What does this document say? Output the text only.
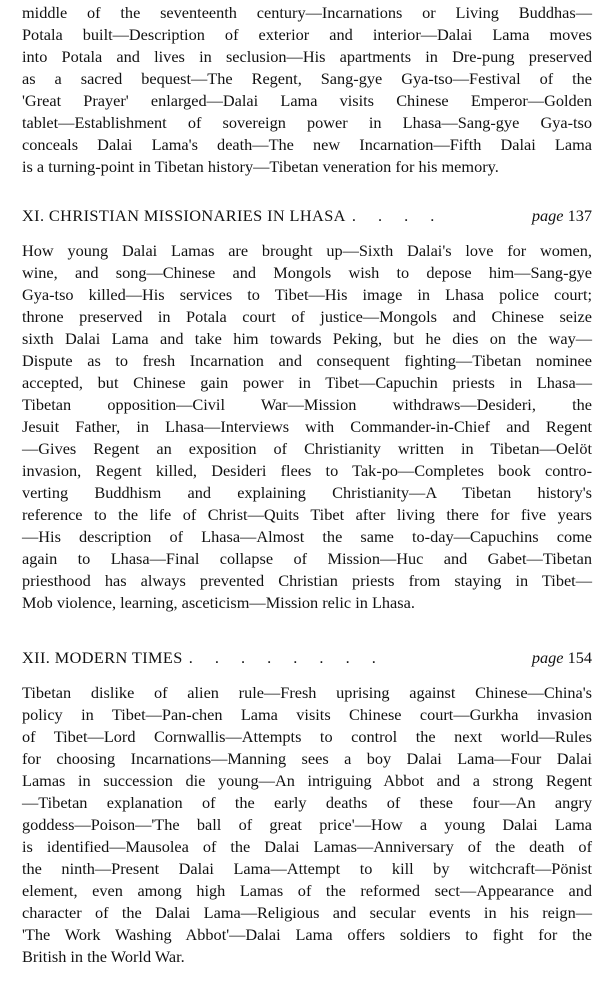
middle of the seventeenth century—Incarnations or Living Buddhas—
Potala built—Description of exterior and interior—Dalai Lama moves
into Potala and lives in seclusion—His apartments in Dre-pung preserved
as a sacred bequest—The Regent, Sang-gye Gya-tso—Festival of the
'Great Prayer' enlarged—Dalai Lama visits Chinese Emperor—Golden
tablet—Establishment of sovereign power in Lhasa—Sang-gye Gya-tso
conceals Dalai Lama's death—The new Incarnation—Fifth Dalai Lama
is a turning-point in Tibetan history—Tibetan veneration for his memory.
XI. CHRISTIAN MISSIONARIES IN LHASA . . . .	page 137
How young Dalai Lamas are brought up—Sixth Dalai's love for women,
wine, and song—Chinese and Mongols wish to depose him—Sang-gye
Gya-tso killed—His services to Tibet—His image in Lhasa police court;
throne preserved in Potala court of justice—Mongols and Chinese seize
sixth Dalai Lama and take him towards Peking, but he dies on the way—
Dispute as to fresh Incarnation and consequent fighting—Tibetan nominee
accepted, but Chinese gain power in Tibet—Capuchin priests in Lhasa—
Tibetan opposition—Civil War—Mission withdraws—Desideri, the
Jesuit Father, in Lhasa—Interviews with Commander-in-Chief and Regent
—Gives Regent an exposition of Christianity written in Tibetan—Oelöt
invasion, Regent killed, Desideri flees to Tak-po—Completes book contro-
verting Buddhism and explaining Christianity—A Tibetan history's
reference to the life of Christ—Quits Tibet after living there for five years
—His description of Lhasa—Almost the same to-day—Capuchins come
again to Lhasa—Final collapse of Mission—Huc and Gabet—Tibetan
priesthood has always prevented Christian priests from staying in Tibet—
Mob violence, learning, asceticism—Mission relic in Lhasa.
XII. MODERN TIMES . . . . . . . .	page 154
Tibetan dislike of alien rule—Fresh uprising against Chinese—China's
policy in Tibet—Pan-chen Lama visits Chinese court—Gurkha invasion
of Tibet—Lord Cornwallis—Attempts to control the next world—Rules
for choosing Incarnations—Manning sees a boy Dalai Lama—Four Dalai
Lamas in succession die young—An intriguing Abbot and a strong Regent
—Tibetan explanation of the early deaths of these four—An angry
goddess—Poison—'The ball of great price'—How a young Dalai Lama
is identified—Mausolea of the Dalai Lamas—Anniversary of the death of
the ninth—Present Dalai Lama—Attempt to kill by witchcraft—Pönist
element, even among high Lamas of the reformed sect—Appearance and
character of the Dalai Lama—Religious and secular events in his reign—
'The Work Washing Abbot'—Dalai Lama offers soldiers to fight for the
British in the World War.
